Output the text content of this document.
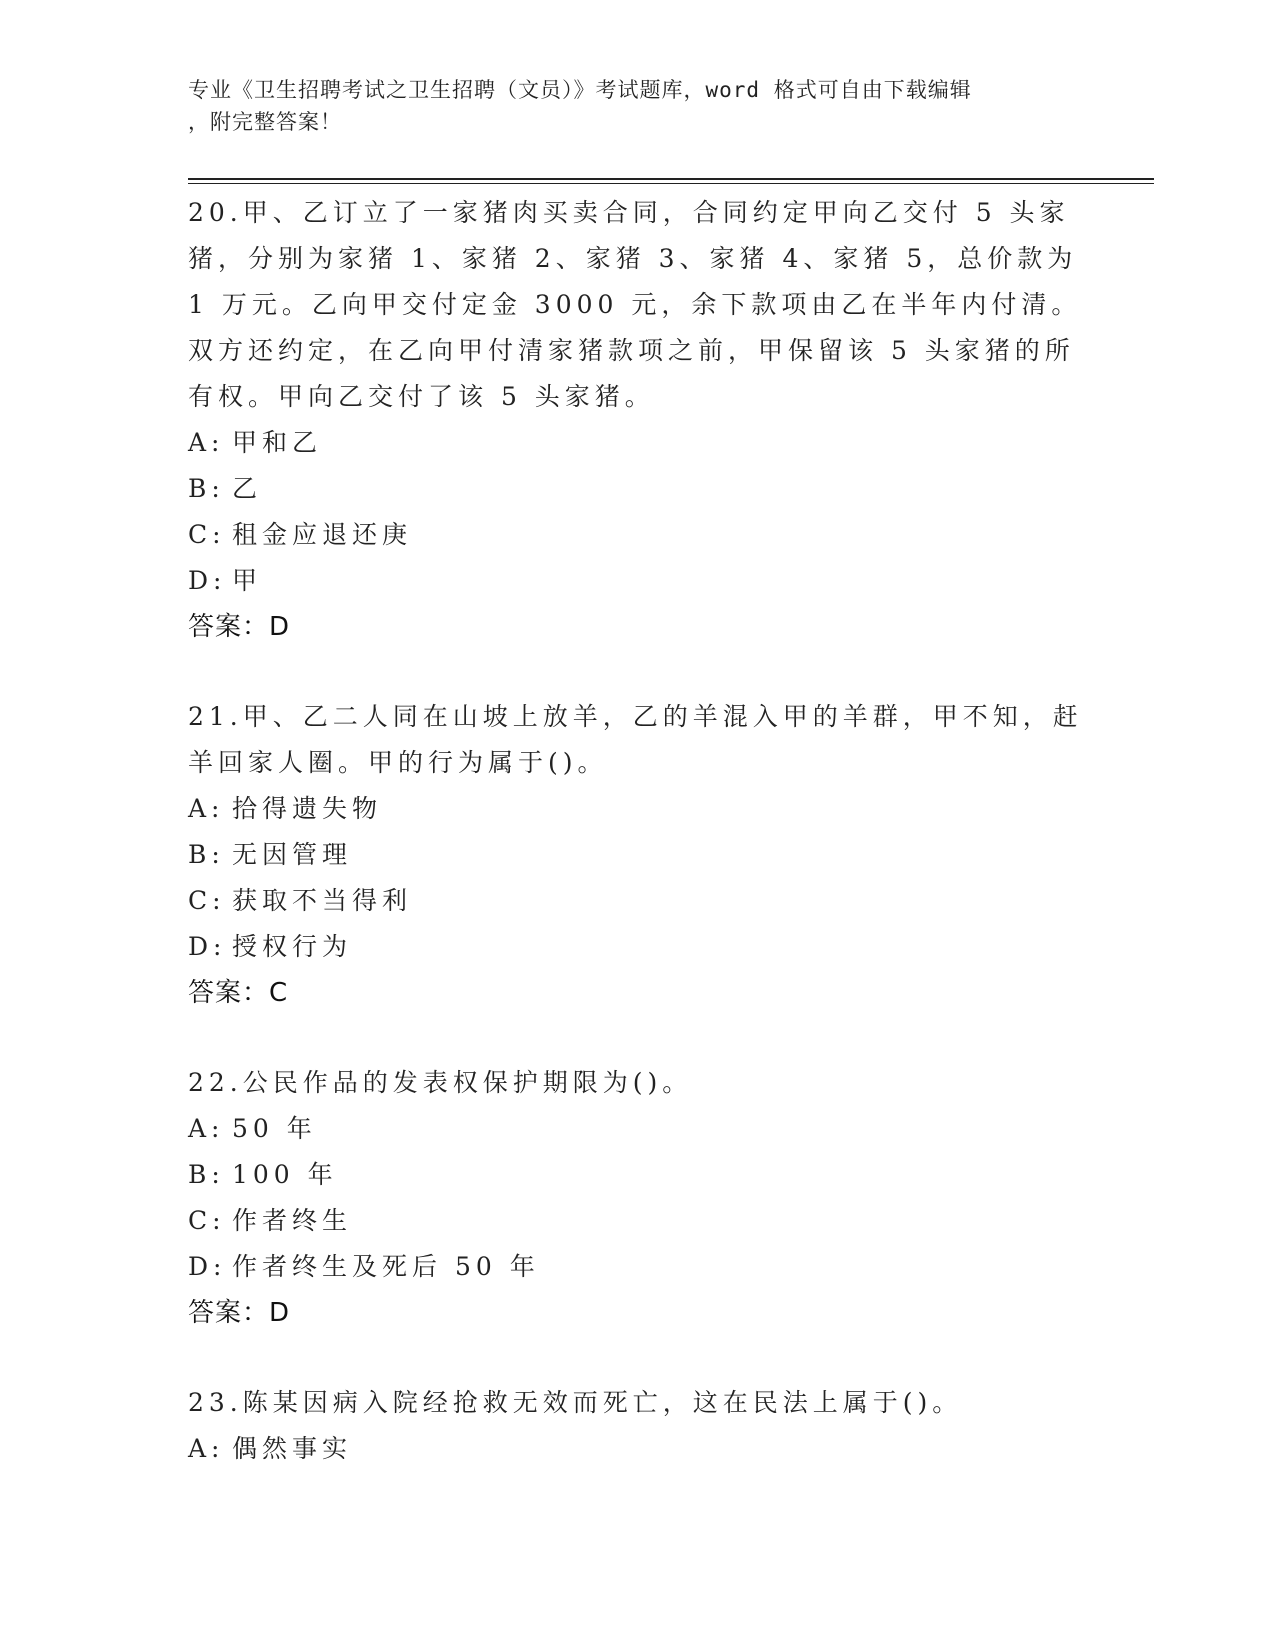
专业《卫生招聘考试之卫生招聘（文员）》考试题库，word 格式可自由下载编辑
，附完整答案！

20.甲、乙订立了一家猪肉买卖合同，合同约定甲向乙交付 5 头家猪，分别为家猪 1、家猪 2、家猪 3、家猪 4、家猪 5，总价款为 1 万元。乙向甲交付定金 3000 元，余下款项由乙在半年内付清。双方还约定，在乙向甲付清家猪款项之前，甲保留该 5 头家猪的所有权。甲向乙交付了该 5 头家猪。

A: 甲和乙
B: 乙
C: 租金应退还庚
D: 甲
答案：D

21.甲、乙二人同在山坡上放羊，乙的羊混入甲的羊群，甲不知，赶羊回家人圈。甲的行为属于()。

A: 拾得遗失物
B: 无因管理
C: 获取不当得利
D: 授权行为
答案：C

22.公民作品的发表权保护期限为()。

A: 50 年
B: 100 年
C: 作者终生
D: 作者终生及死后 50 年
答案：D

23.陈某因病入院经抢救无效而死亡，这在民法上属于()。

A: 偶然事实
